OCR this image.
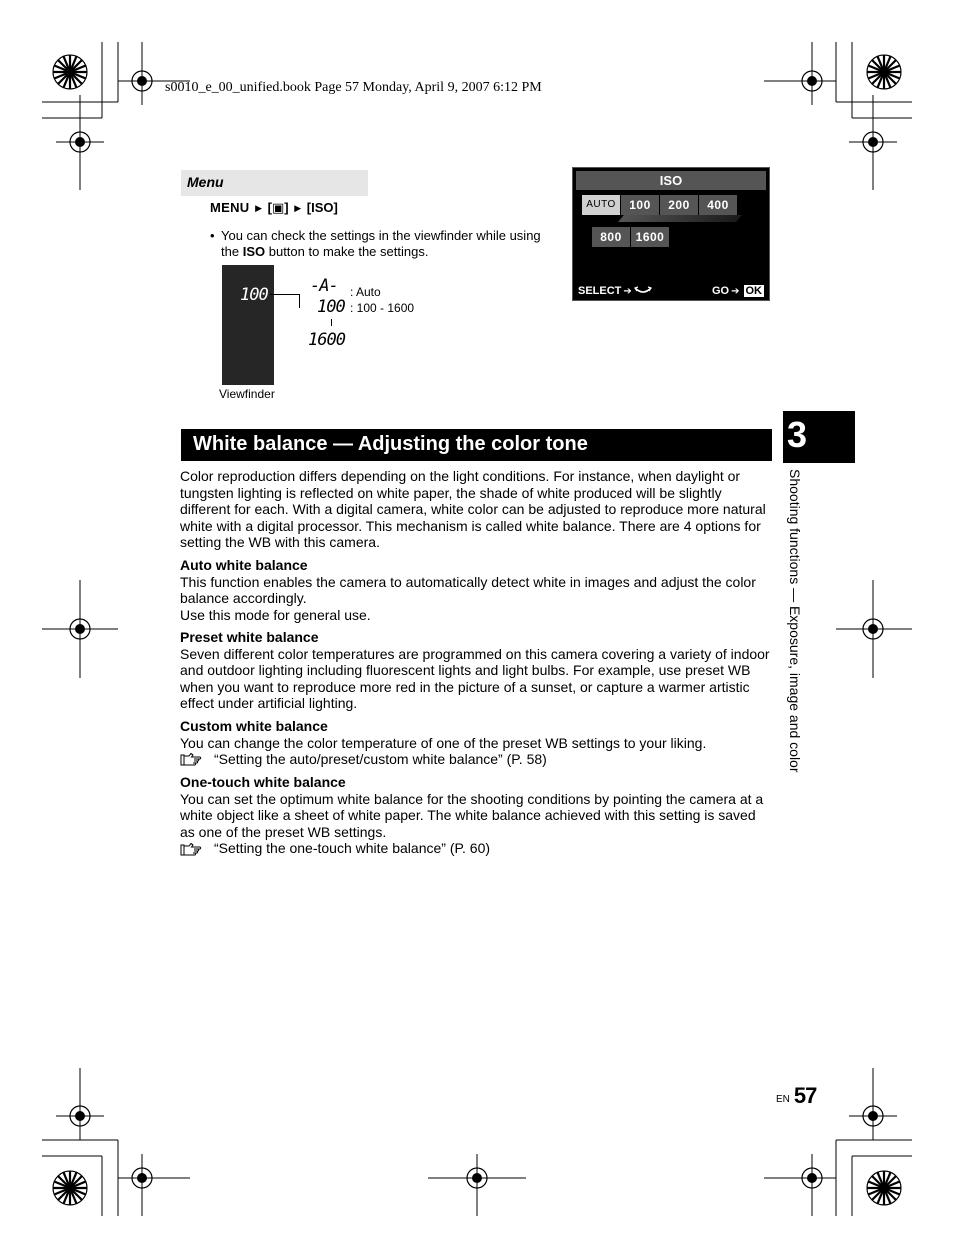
s0010_e_00_unified.book Page 57 Monday, April 9, 2007 6:12 PM
Menu
MENU ▶ [▣] ▶ [ISO]
• You can check the settings in the viewfinder while using the ISO button to make the settings.
100 -A-
100
1600
: Auto
: 100 - 1600
Viewfinder
ISO
AUTO	100	200	400
800	1600
SELECT ➔	GO ➔ OK
White balance — Adjusting the color tone	3
Shooting functions — Exposure, image and color

Color reproduction differs depending on the light conditions. For instance, when daylight or tungsten lighting is reflected on white paper, the shade of white produced will be slightly different for each. With a digital camera, white color can be adjusted to reproduce more natural white with a digital processor. This mechanism is called white balance. There are 4 options for setting the WB with this camera.

Auto white balance

This function enables the camera to automatically detect white in images and adjust the color balance accordingly.

Use this mode for general use.

Preset white balance

Seven different color temperatures are programmed on this camera covering a variety of indoor and outdoor lighting including fluorescent lights and light bulbs. For example, use preset WB when you want to reproduce more red in the picture of a sunset, or capture a warmer artistic effect under artificial lighting.

Custom white balance

You can change the color temperature of one of the preset WB settings to your liking.

“Setting the auto/preset/custom white balance” (P. 58)

One-touch white balance

You can set the optimum white balance for the shooting conditions by pointing the camera at a white object like a sheet of white paper. The white balance achieved with this setting is saved as one of the preset WB settings.

“Setting the one-touch white balance” (P. 60)

EN 57
